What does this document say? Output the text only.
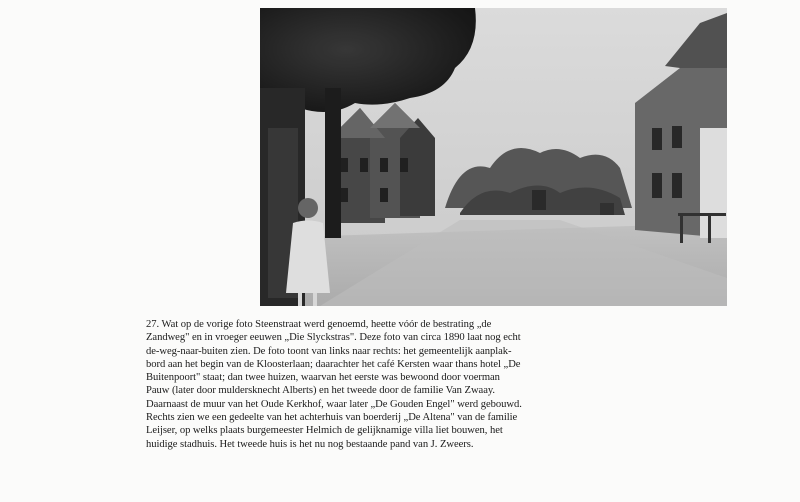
27. Wat op de vorige foto Steenstraat werd genoemd, heette vóór de bestrating „de
Zandweg" en in vroeger eeuwen „Die Slyckstras". Deze foto van circa 1890 laat nog echt
de-weg-naar-buiten zien. De foto toont van links naar rechts: het gemeentelijk aanplak-
bord aan het begin van de Kloosterlaan; daarachter het café Kersten waar thans hotel „De
Buitenpoort" staat; dan twee huizen, waarvan het eerste was bewoond door voerman
Pauw (later door muldersknecht Alberts) en het tweede door de familie Van Zwaay.
Daarnaast de muur van het Oude Kerkhof, waar later „De Gouden Engel" werd gebouwd.
Rechts zien we een gedeelte van het achterhuis van boerderij „De Altena" van de familie
Leijser, op welks plaats burgemeester Helmich de gelijknamige villa liet bouwen, het
huidige stadhuis. Het tweede huis is het nu nog bestaande pand van J. Zweers.
